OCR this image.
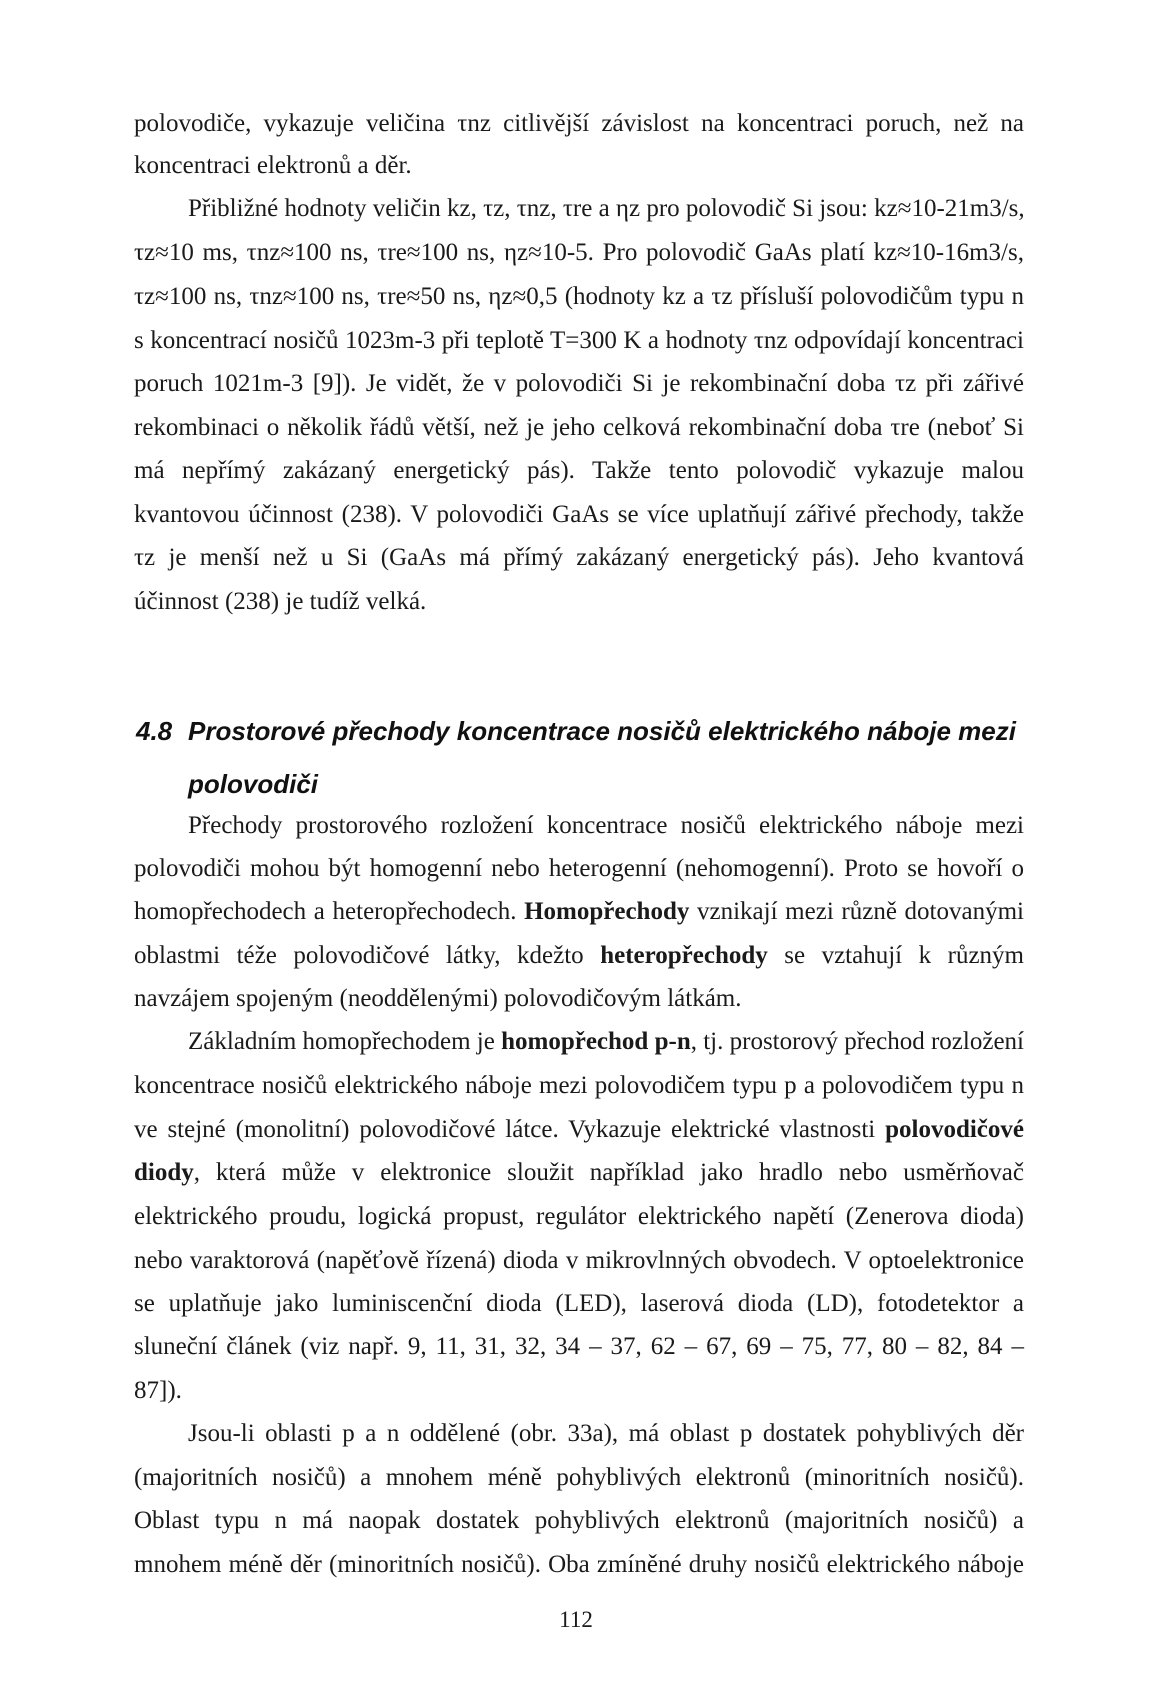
polovodiče, vykazuje veličina τnz citlivější závislost na koncentraci poruch, než na
koncentraci elektronů a děr.
Přibližné hodnoty veličin kz, τz, τnz, τre a ηz pro polovodič Si jsou: kz≈10-21m3/s,
τz≈10 ms, τnz≈100 ns, τre≈100 ns, ηz≈10-5. Pro polovodič GaAs platí kz≈10-16m3/s,
τz≈100 ns, τnz≈100 ns, τre≈50 ns, ηz≈0,5 (hodnoty kz a τz přísluší polovodičům typu n
s koncentrací nosičů 1023m-3 při teplotě T=300 K a hodnoty τnz odpovídají koncentraci
poruch 1021m-3 [9]). Je vidět, že v polovodiči Si je rekombinační doba τz při zářivé
rekombinaci o několik řádů větší, než je jeho celková rekombinační doba τre (neboť Si
má nepřímý zakázaný energetický pás). Takže tento polovodič vykazuje malou
kvantovou účinnost (238). V polovodiči GaAs se více uplatňují zářivé přechody, takže
τz je menší než u Si (GaAs má přímý zakázaný energetický pás). Jeho kvantová
účinnost (238) je tudíž velká.
4.8 Prostorové přechody koncentrace nosičů elektrického náboje mezi
polovodiči
Přechody prostorového rozložení koncentrace nosičů elektrického náboje mezi
polovodiči mohou být homogenní nebo heterogenní (nehomogenní). Proto se hovoří o
homopřechodech a heteropřechodech. Homopřechody vznikají mezi různě dotovanými
oblastmi téže polovodičové látky, kdežto heteropřechody se vztahují k různým
navzájem spojeným (neoddělenými) polovodičovým látkám.
Základním homopřechodem je homopřechod p-n, tj. prostorový přechod rozložení
koncentrace nosičů elektrického náboje mezi polovodičem typu p a polovodičem typu n
ve stejné (monolitní) polovodičové látce. Vykazuje elektrické vlastnosti polovodičové
diody, která může v elektronice sloužit například jako hradlo nebo usměrňovač
elektrického proudu, logická propust, regulátor elektrického napětí (Zenerova dioda)
nebo varaktorová (napěťově řízená) dioda v mikrovlnných obvodech. V optoelektronice
se uplatňuje jako luminiscenční dioda (LED), laserová dioda (LD), fotodetektor a
sluneční článek (viz např. 9, 11, 31, 32, 34 – 37, 62 – 67, 69 – 75, 77, 80 – 82, 84 –
87]).
Jsou-li oblasti p a n oddělené (obr. 33a), má oblast p dostatek pohyblivých děr
(majoritních nosičů) a mnohem méně pohyblivých elektronů (minoritních nosičů).
Oblast typu n má naopak dostatek pohyblivých elektronů (majoritních nosičů) a
mnohem méně děr (minoritních nosičů). Oba zmíněné druhy nosičů elektrického náboje
112
